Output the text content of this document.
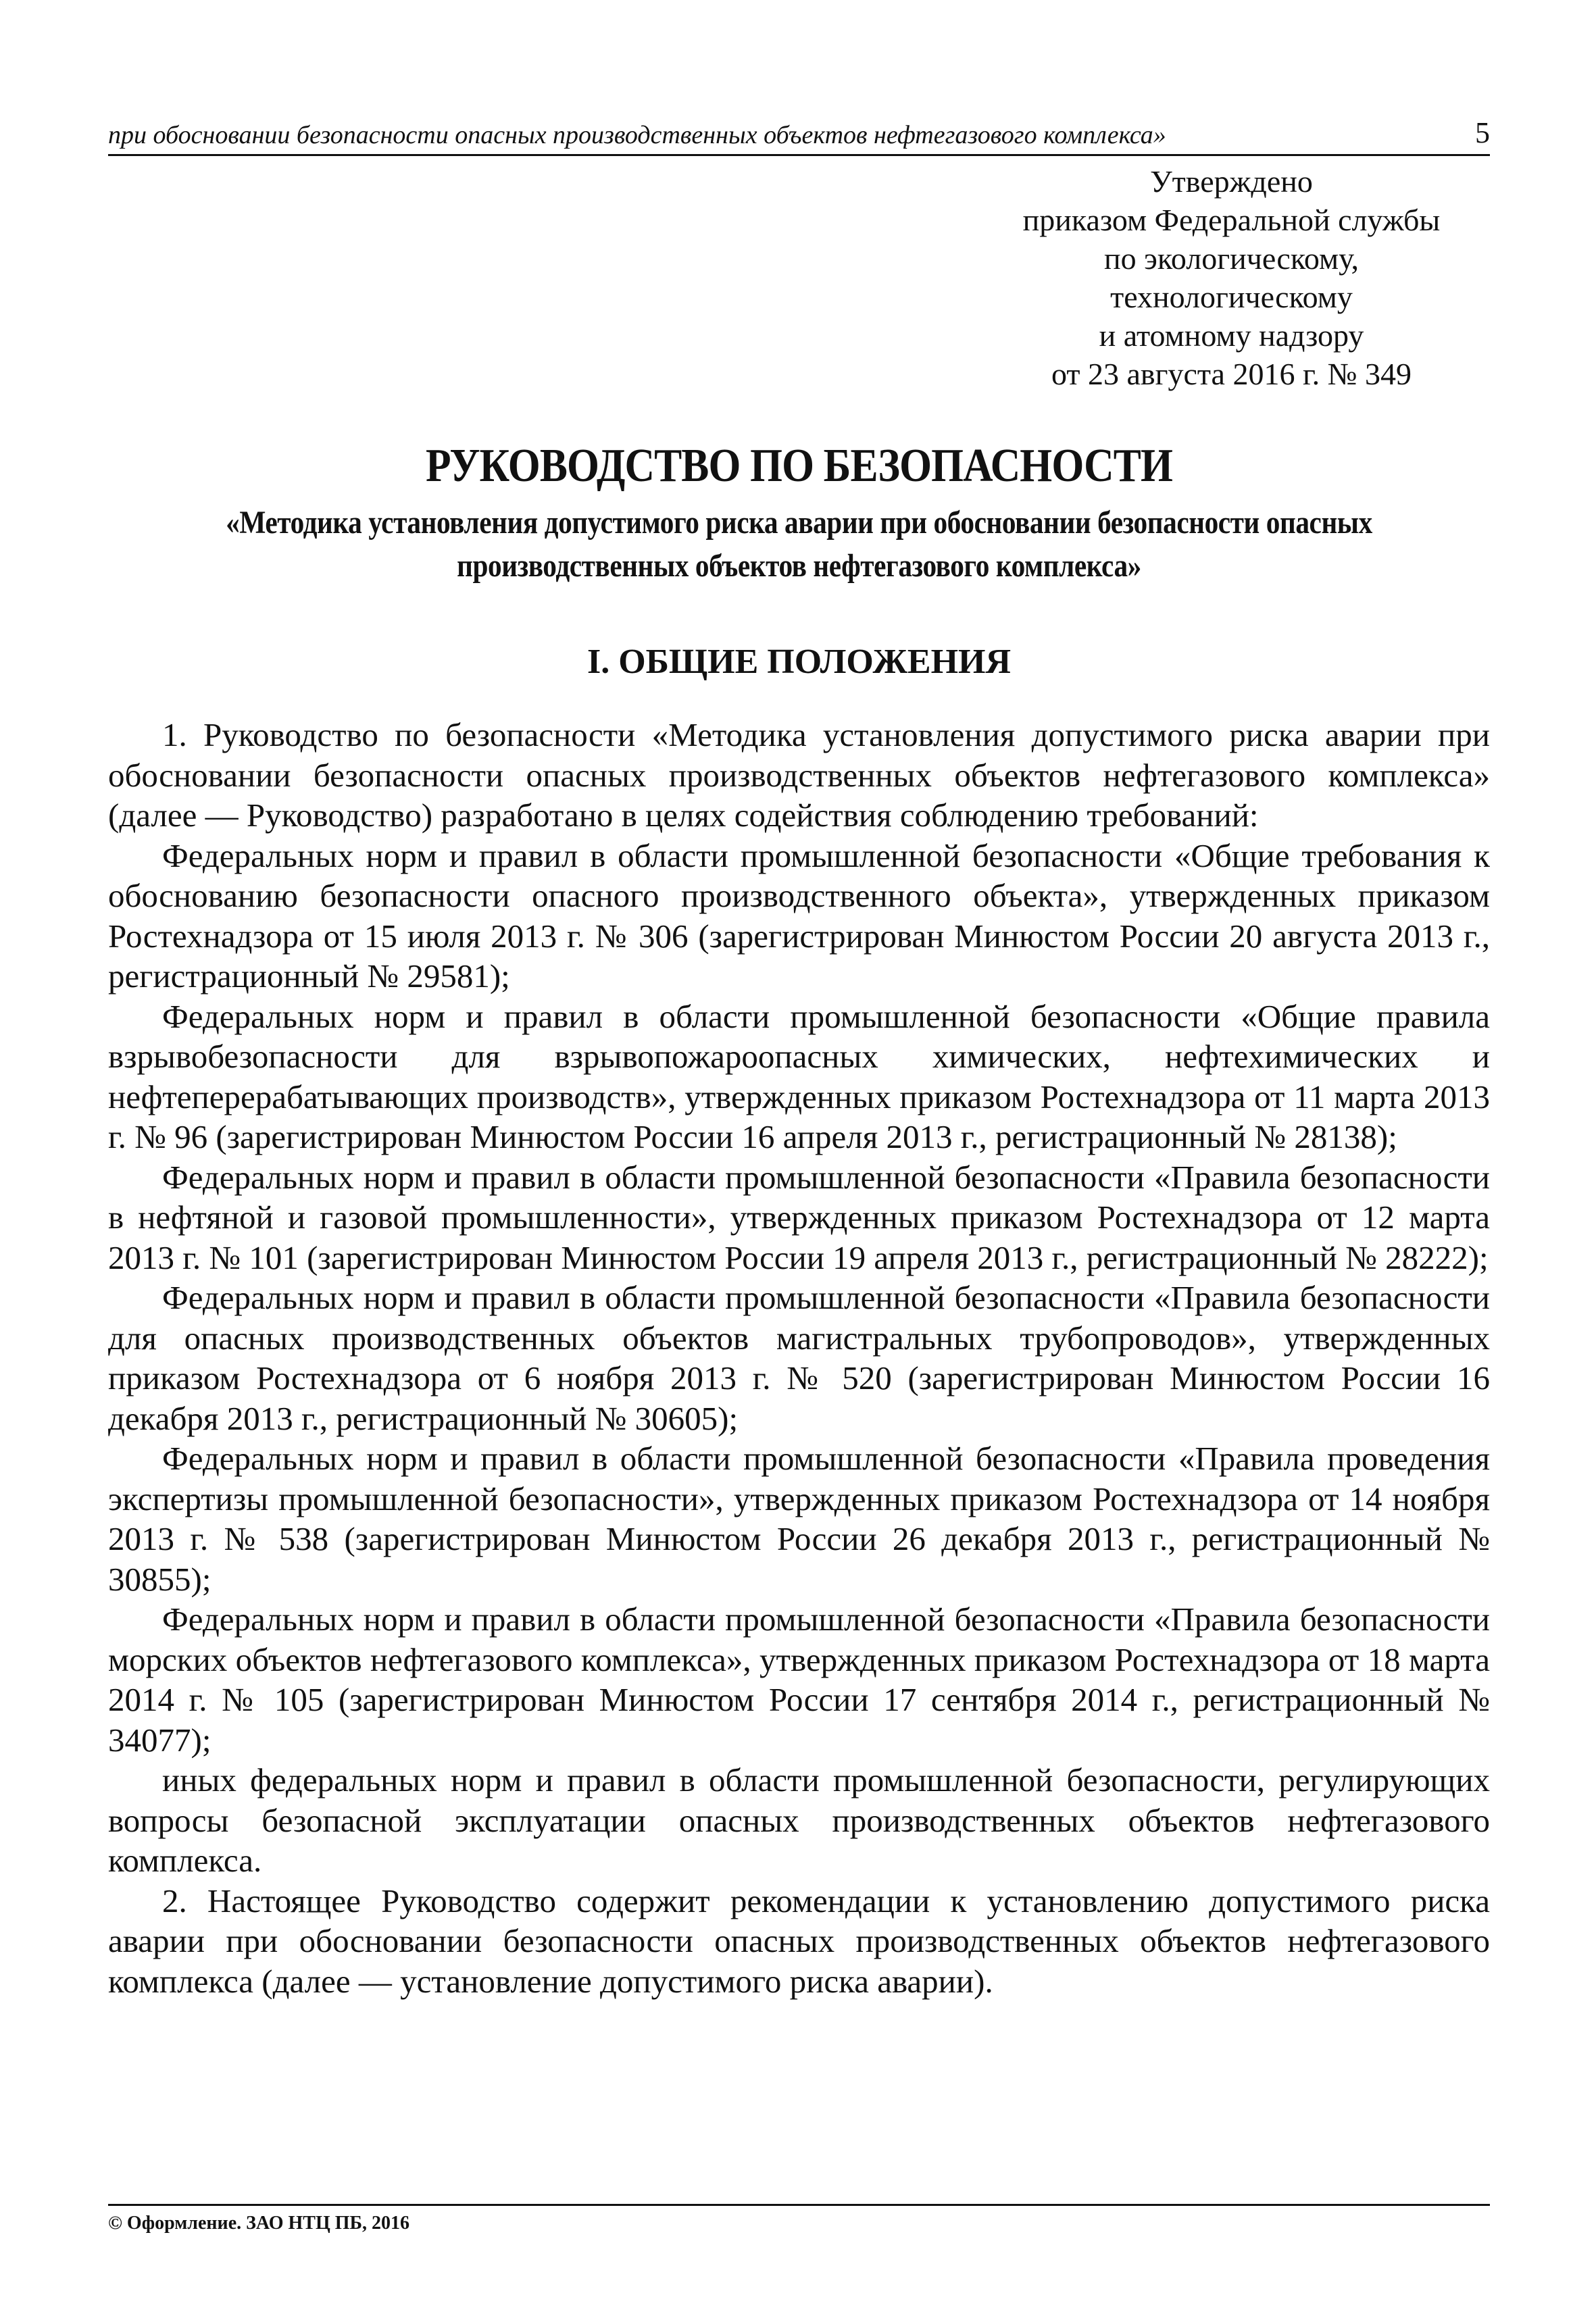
при обосновании безопасности опасных производственных объектов нефтегазового комплекса»	5
Утверждено
приказом Федеральной службы
по экологическому,
технологическому
и атомному надзору
от 23 августа 2016 г. № 349
РУКОВОДСТВО ПО БЕЗОПАСНОСТИ
«Методика установления допустимого риска аварии при обосновании безопасности опасных
производственных объектов нефтегазового комплекса»
I. ОБЩИЕ ПОЛОЖЕНИЯ

1. Руководство по безопасности «Методика установления допустимого риска аварии при обосновании безопасности опасных производственных объектов нефтегазового комплекса» (далее — Руководство) разработано в целях содействия соблюдению требований:

Федеральных норм и правил в области промышленной безопасности «Общие требования к обоснованию безопасности опасного производственного объекта», утвержденных приказом Ростехнадзора от 15 июля 2013 г. № 306 (зарегистрирован Минюстом России 20 августа 2013 г., регистрационный № 29581);

Федеральных норм и правил в области промышленной безопасности «Общие правила взрывобезопасности для взрывопожароопасных химических, нефтехимических и нефтеперерабатывающих производств», утвержденных приказом Ростехнадзора от 11 марта 2013 г. № 96 (зарегистрирован Минюстом России 16 апреля 2013 г., регистрационный № 28138);

Федеральных норм и правил в области промышленной безопасности «Правила безопасности в нефтяной и газовой промышленности», утвержденных приказом Ростехнадзора от 12 марта 2013 г. № 101 (зарегистрирован Минюстом России 19 апреля 2013 г., регистрационный № 28222);

Федеральных норм и правил в области промышленной безопасности «Правила безопасности для опасных производственных объектов магистральных трубопроводов», утвержденных приказом Ростехнадзора от 6 ноября 2013 г. № 520 (зарегистрирован Минюстом России 16 декабря 2013 г., регистрационный № 30605);

Федеральных норм и правил в области промышленной безопасности «Правила проведения экспертизы промышленной безопасности», утвержденных приказом Ростехнадзора от 14 ноября 2013 г. № 538 (зарегистрирован Минюстом России 26 декабря 2013 г., регистрационный № 30855);

Федеральных норм и правил в области промышленной безопасности «Правила безопасности морских объектов нефтегазового комплекса», утвержденных приказом Ростехнадзора от 18 марта 2014 г. № 105 (зарегистрирован Минюстом России 17 сентября 2014 г., регистрационный № 34077);

иных федеральных норм и правил в области промышленной безопасности, регулирующих вопросы безопасной эксплуатации опасных производственных объектов нефтегазового комплекса.

2. Настоящее Руководство содержит рекомендации к установлению допустимого риска аварии при обосновании безопасности опасных производственных объектов нефтегазового комплекса (далее — установление допустимого риска аварии).

© Оформление. ЗАО НТЦ ПБ, 2016
